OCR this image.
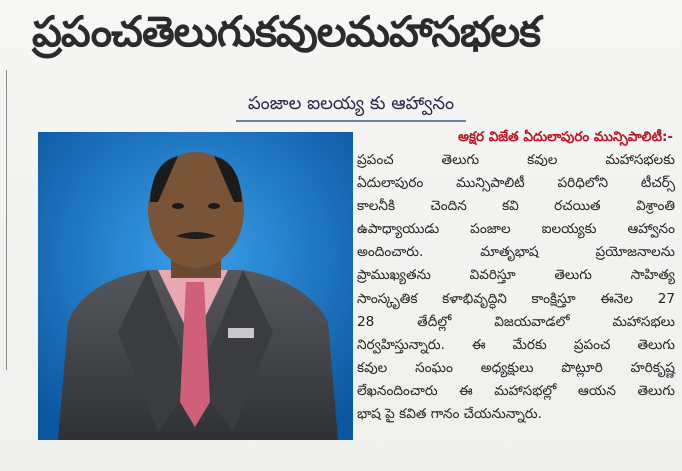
ప్రపంచతెలుగుకవులమహాసభలక
పంజాల ఐలయ్య కు ఆహ్వానం
అక్షర విజేత ఏదులాపురం మున్సిపాలిటీ:-
ప్రపంచ తెలుగు కవుల మహాసభలకు
ఏదులాపురం మున్సిపాలిటీ పరిధిలోని టీచర్స్
కాలనీకి చెందిన కవి రచయిత విశ్రాంతి
ఉపాధ్యాయుడు పంజాల ఐలయ్యకు ఆహ్వానం
అందించారు. మాతృభాష ప్రయోజనాలను
ప్రాముఖ్యతను వివరిస్తూ తెలుగు సాహిత్య
సాంస్కృతిక కళాభివృద్ధిని కాంక్షిస్తూ ఈనెల 27
28 తేదీల్లో విజయవాడలో మహాసభలు
నిర్వహిస్తున్నారు. ఈ మేరకు ప్రపంచ తెలుగు
కవుల సంఘం అధ్యక్షులు పొట్లూరి హరికృష్ణ
లేఖనందించారు ఈ మహాసభల్లో ఆయన తెలుగు
భాష పై కవిత గానం చేయనున్నారు.
